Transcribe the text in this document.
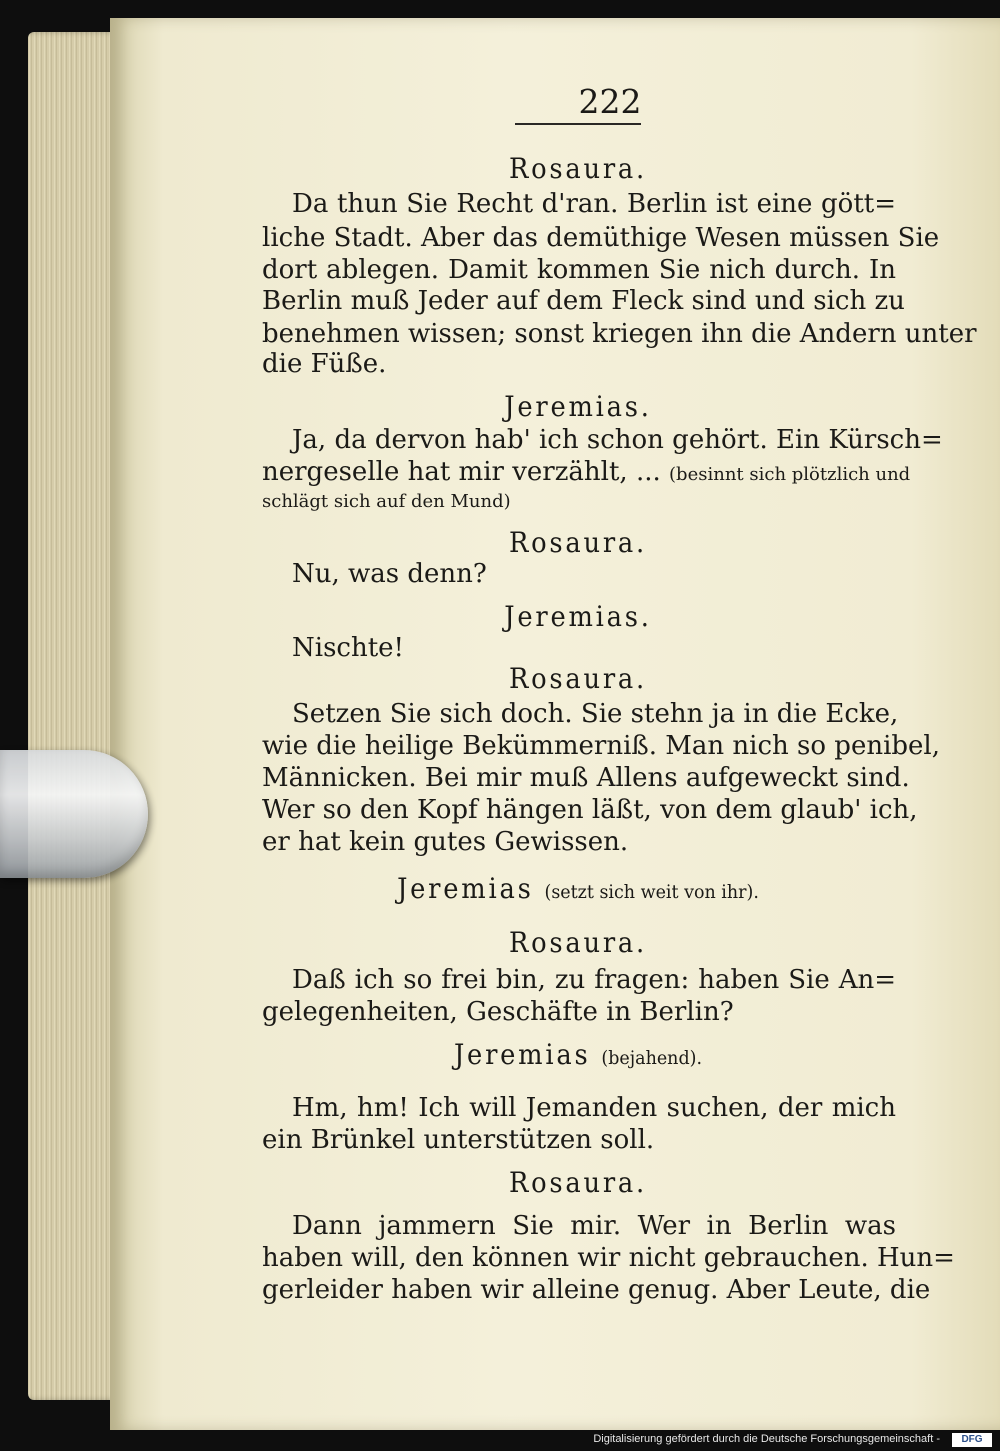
222
Rosaura.
Da thun Sie Recht d'ran. Berlin ist eine gött=
liche Stadt. Aber das demüthige Wesen müssen Sie
dort ablegen. Damit kommen Sie nich durch. In
Berlin muß Jeder auf dem Fleck sind und sich zu
benehmen wissen; sonst kriegen ihn die Andern unter
die Füße.
Jeremias.
Ja, da dervon hab' ich schon gehört. Ein Kürsch=
nergeselle hat mir verzählt, ... (besinnt sich plötzlich und
schlägt sich auf den Mund)
Rosaura.
Nu, was denn?
Jeremias.
Nischte!
Rosaura.
Setzen Sie sich doch. Sie stehn ja in die Ecke,
wie die heilige Bekümmerniß. Man nich so penibel,
Männicken. Bei mir muß Allens aufgeweckt sind.
Wer so den Kopf hängen läßt, von dem glaub' ich,
er hat kein gutes Gewissen.
Jeremias (setzt sich weit von ihr).
Rosaura.
Daß ich so frei bin, zu fragen: haben Sie An=
gelegenheiten, Geschäfte in Berlin?
Jeremias (bejahend).
Hm, hm! Ich will Jemanden suchen, der mich
ein Brünkel unterstützen soll.
Rosaura.
Dann jammern Sie mir. Wer in Berlin was
haben will, den können wir nicht gebrauchen. Hun=
gerleider haben wir alleine genug. Aber Leute, die
Digitalisierung gefördert durch die Deutsche Forschungsgemeinschaft -	DFG
